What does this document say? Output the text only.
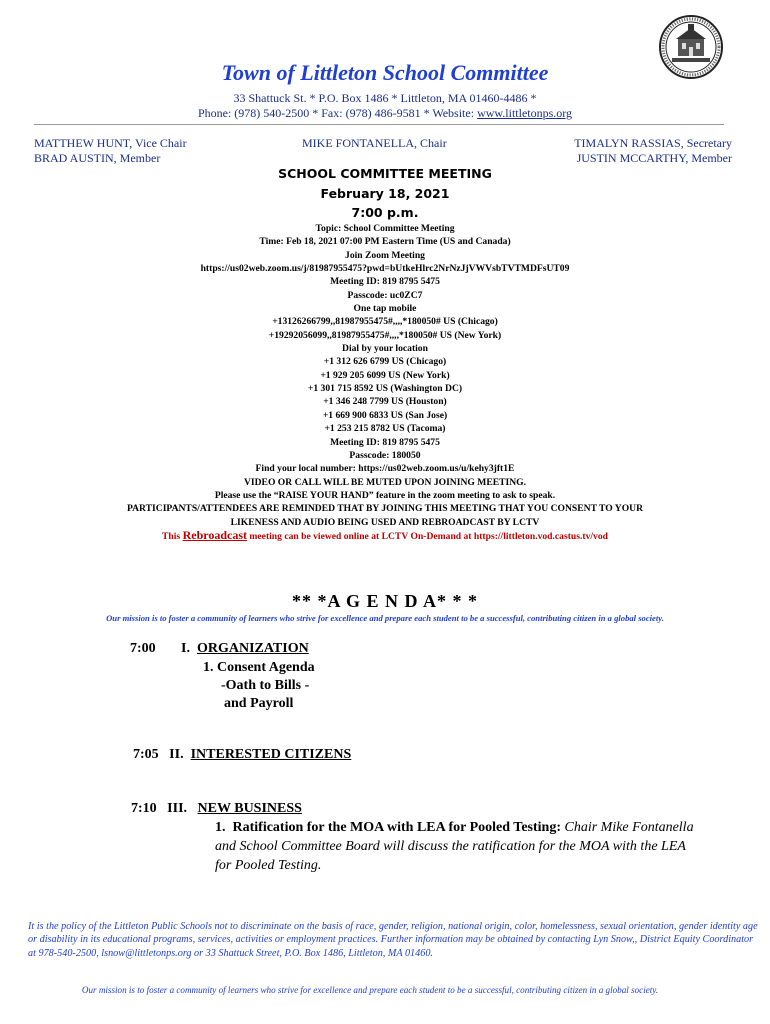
Town of Littleton School Committee
33 Shattuck St. * P.O. Box 1486 * Littleton, MA 01460-4486 *
Phone: (978) 540-2500 * Fax: (978) 486-9581 * Website: www.littletonps.org
MATTHEW HUNT, Vice Chair
BRAD AUSTIN, Member
MIKE FONTANELLA, Chair	TIMALYN RASSIAS, Secretary
JUSTIN MCCARTHY, Member
SCHOOL COMMITTEE MEETING
February 18, 2021
7:00 p.m.
Topic: School Committee Meeting
Time: Feb 18, 2021 07:00 PM Eastern Time (US and Canada)
Join Zoom Meeting
https://us02web.zoom.us/j/81987955475?pwd=bUtkeHlrc2NrNzJjVWVsbTVTMDFsUT09
Meeting ID: 819 8795 5475
Passcode: uc0ZC7
One tap mobile
+13126266799,,81987955475#,,,,*180050# US (Chicago)
+19292056099,,81987955475#,,,,*180050# US (New York)
Dial by your location
+1 312 626 6799 US (Chicago)
+1 929 205 6099 US (New York)
+1 301 715 8592 US (Washington DC)
+1 346 248 7799 US (Houston)
+1 669 900 6833 US (San Jose)
+1 253 215 8782 US (Tacoma)
Meeting ID: 819 8795 5475
Passcode: 180050
Find your local number: https://us02web.zoom.us/u/kehy3jft1E
VIDEO OR CALL WILL BE MUTED UPON JOINING MEETING.
Please use the “RAISE YOUR HAND” feature in the zoom meeting to ask to speak.
PARTICIPANTS/ATTENDEES ARE REMINDED THAT BY JOINING THIS MEETING THAT YOU CONSENT TO YOUR
LIKENESS AND AUDIO BEING USED AND REBROADCAST BY LCTV
This Rebroadcast meeting can be viewed online at LCTV On-Demand at https://littleton.vod.castus.tv/vod
** *A G E N D A* * *
Our mission is to foster a community of learners who strive for excellence and prepare each student to be a successful, contributing citizen in a global society.
7:00 I. ORGANIZATION
1. Consent Agenda
-Oath to Bills -
and Payroll
7:05 II. INTERESTED CITIZENS
7:10 III. NEW BUSINESS
1. Ratification for the MOA with LEA for Pooled Testing: Chair Mike Fontanella and School Committee Board will discuss the ratification for the MOA with the LEA for Pooled Testing.
It is the policy of the Littleton Public Schools not to discriminate on the basis of race, gender, religion, national origin, color, homelessness, sexual orientation, gender identity age or disability in its educational programs, services, activities or employment practices. Further information may be obtained by contacting Lyn Snow,, District Equity Coordinator at 978-540-2500, lsnow@littletonps.org or 33 Shattuck Street, P.O. Box 1486, Littleton, MA 01460.
Our mission is to foster a community of learners who strive for excellence and prepare each student to be a successful, contributing citizen in a global society.
